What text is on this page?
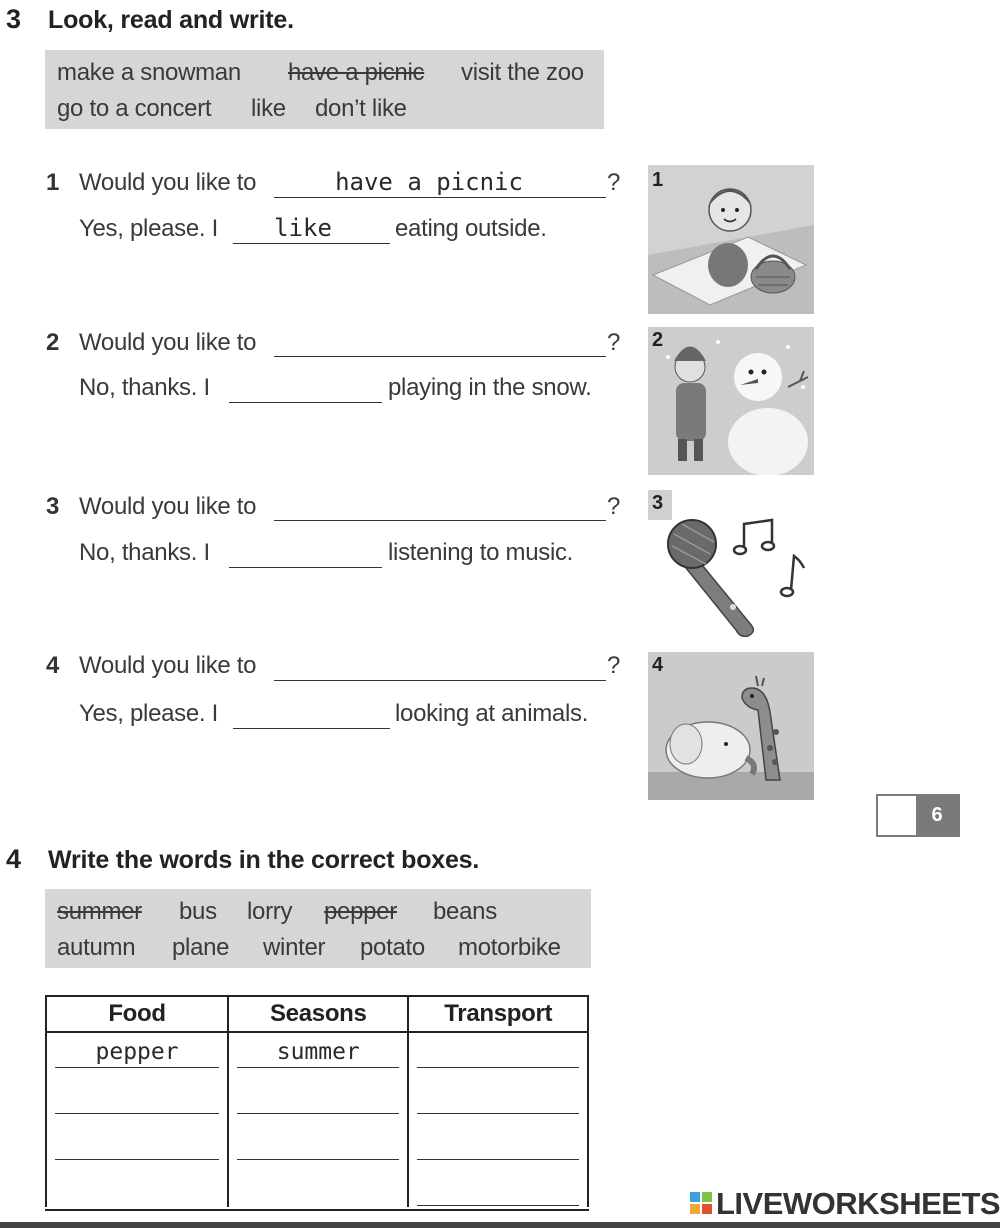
3 Look, read and write.
make a snowman have a picnic visit the zoo
go to a concert like don’t like
1 Would you like to	have a picnic	?
Yes, please. I	like	eating outside.
1
2 Would you like to	?
No, thanks. I	playing in the snow.
2
3 Would you like to	?
No, thanks. I	listening to music.
3
4 Would you like to	?
Yes, please. I	looking at animals.
4
6
4 Write the words in the correct boxes.
summer bus lorry pepper beans
autumn plane winter potato motorbike
Food	Seasons	Transport

pepper	summer	

LIVEWORKSHEETS
